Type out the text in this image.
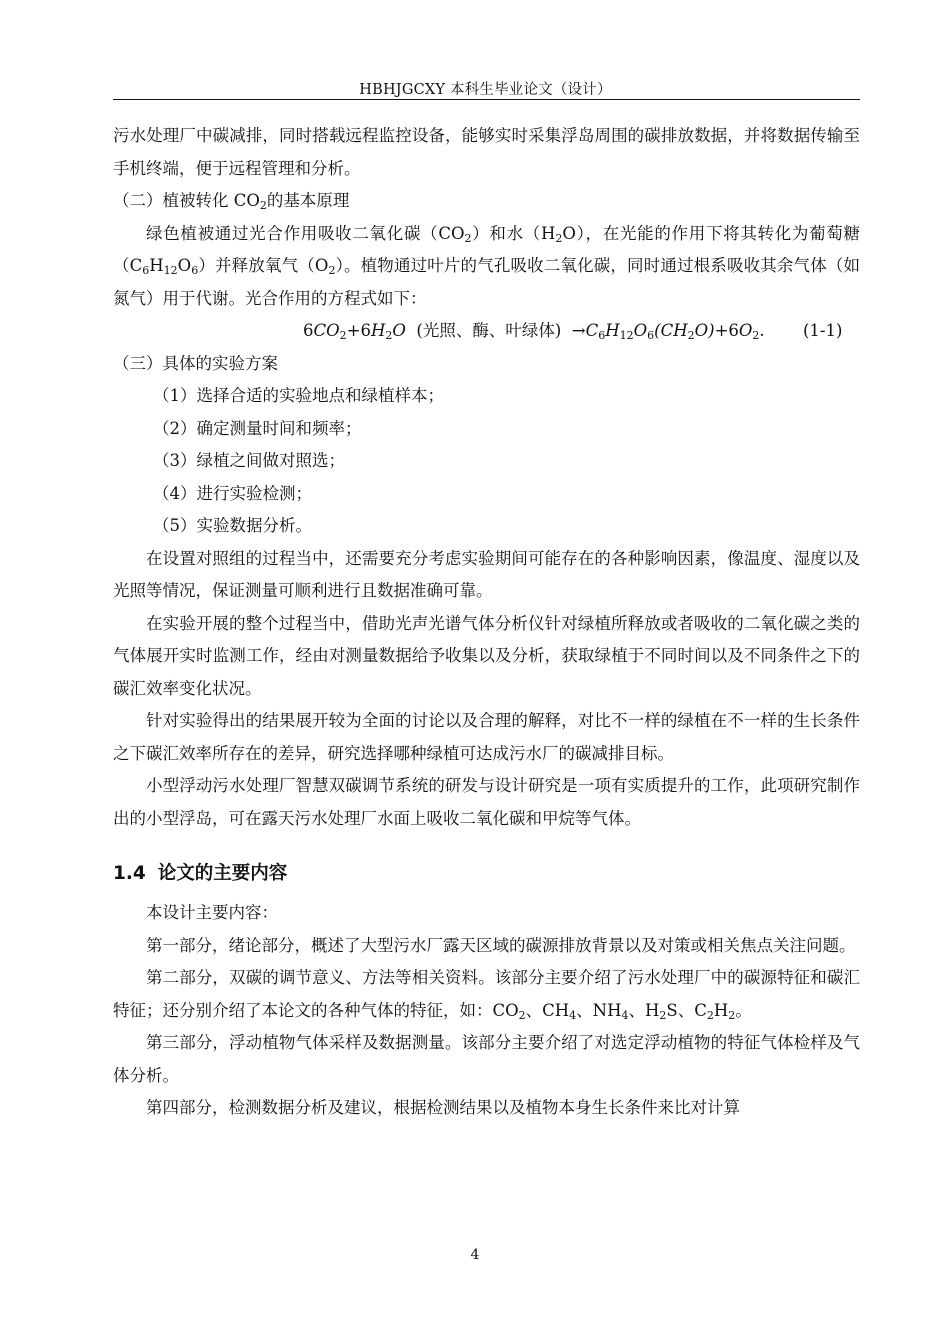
HBHJGCXY 本科生毕业论文（设计）

污水处理厂中碳减排，同时搭载远程监控设备，能够实时采集浮岛周围的碳排放数据，并将数据传输至手机终端，便于远程管理和分析。

（二）植被转化 $CO_2$的基本原理

绿色植被通过光合作用吸收二氧化碳$(CO_2)$和水$(H_2O)$，在光能的作用下将其转化为葡萄糖$(C_6H_{12}O_6)$并释放氧气$(O_2)$。植物通过叶片的气孔吸收二氧化碳，同时通过根系吸收其余气体（如氮气）用于代谢。光合作用的方程式如下：

$6CO_2+6H_2O$  (光照、酶、叶绿体)  $\to C_6H_{12}O_6(CH_2O)+6O_2$. (1-1)

（三）具体的实验方案

（1）选择合适的实验地点和绿植样本；

（2）确定测量时间和频率；

（3）绿植之间做对照选；

（4）进行实验检测；

（5）实验数据分析。

在设置对照组的过程当中，还需要充分考虑实验期间可能存在的各种影响因素，像温度、湿度以及光照等情况，保证测量可顺利进行且数据准确可靠。

在实验开展的整个过程当中，借助光声光谱气体分析仪针对绿植所释放或者吸收的二氧化碳之类的气体展开实时监测工作，经由对测量数据给予收集以及分析，获取绿植于不同时间以及不同条件之下的碳汇效率变化状况。

针对实验得出的结果展开较为全面的讨论以及合理的解释，对比不一样的绿植在不一样的生长条件之下碳汇效率所存在的差异，研究选择哪种绿植可达成污水厂的碳减排目标。

小型浮动污水处理厂智慧双碳调节系统的研发与设计研究是一项有实质提升的工作，此项研究制作出的小型浮岛，可在露天污水处理厂水面上吸收二氧化碳和甲烷等气体。

1.4 论文的主要内容

本设计主要内容：

第一部分，绪论部分，概述了大型污水厂露天区域的碳源排放背景以及对策或相关焦点关注问题。

第二部分，双碳的调节意义、方法等相关资料。该部分主要介绍了污水处理厂中的碳源特征和碳汇特征；还分别介绍了本论文的各种气体的特征，如：$CO_2$、$CH_4$、$NH_4$、$H_2S$、$C_2H_2$。

第三部分，浮动植物气体采样及数据测量。该部分主要介绍了对选定浮动植物的特征气体检样及气体分析。

第四部分，检测数据分析及建议，根据检测结果以及植物本身生长条件来比对计算

4
